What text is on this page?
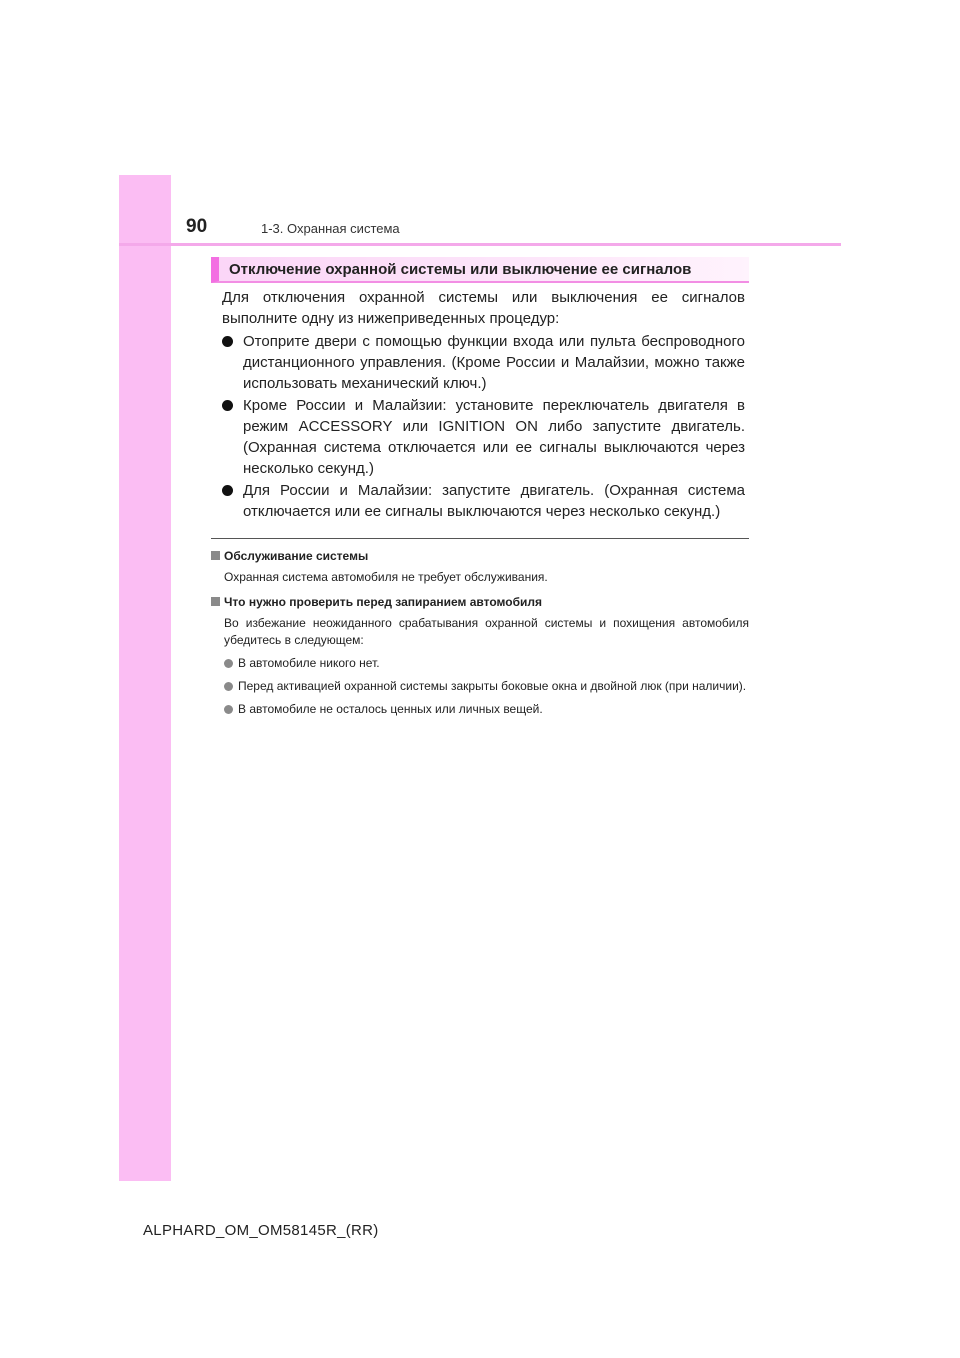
90	1-3. Охранная система
Отключение охранной системы или выключение ее сигналов
Для отключения охранной системы или выключения ее сигналов выполните одну из нижеприведенных процедур:
Отоприте двери с помощью функции входа или пульта беспроводного дистанционного управления. (Кроме России и Малайзии, можно также использовать механический ключ.)
Кроме России и Малайзии: установите переключатель двигателя в режим ACCESSORY или IGNITION ON либо запустите двигатель. (Охранная система отключается или ее сигналы выключаются через несколько секунд.)
Для России и Малайзии: запустите двигатель. (Охранная система отключается или ее сигналы выключаются через несколько секунд.)
Обслуживание системы
Охранная система автомобиля не требует обслуживания.
Что нужно проверить перед запиранием автомобиля
Во избежание неожиданного срабатывания охранной системы и похищения автомобиля убедитесь в следующем:
В автомобиле никого нет.
Перед активацией охранной системы закрыты боковые окна и двойной люк (при наличии).
В автомобиле не осталось ценных или личных вещей.
ALPHARD_OM_OM58145R_(RR)
